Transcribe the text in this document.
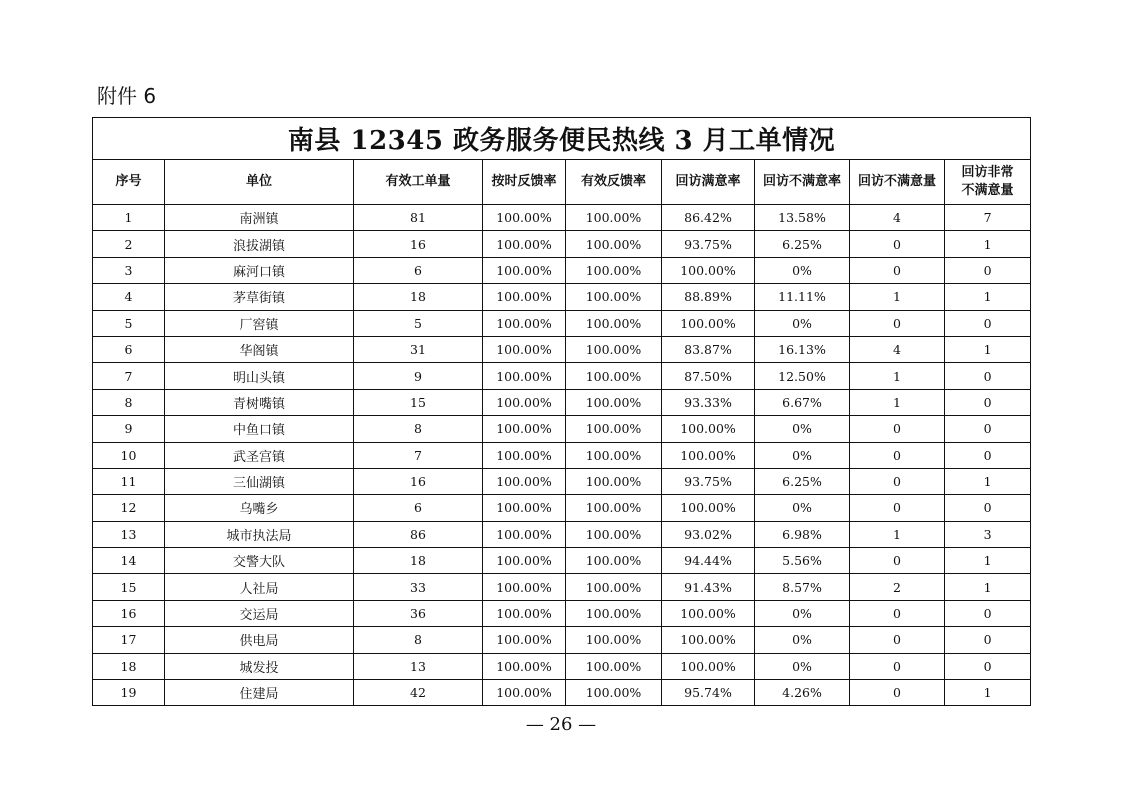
附件 6
南县 12345 政务服务便民热线 3 月工单情况								
序号	单位	有效工单量	按时反馈率	有效反馈率	回访满意率	回访不满意率	回访不满意量	回访非常
不满意量
1	南洲镇	81	100.00%	100.00%	86.42%	13.58%	4	7
2	浪拔湖镇	16	100.00%	100.00%	93.75%	6.25%	0	1
3	麻河口镇	6	100.00%	100.00%	100.00%	0%	0	0
4	茅草街镇	18	100.00%	100.00%	88.89%	11.11%	1	1
5	厂窖镇	5	100.00%	100.00%	100.00%	0%	0	0
6	华阁镇	31	100.00%	100.00%	83.87%	16.13%	4	1
7	明山头镇	9	100.00%	100.00%	87.50%	12.50%	1	0
8	青树嘴镇	15	100.00%	100.00%	93.33%	6.67%	1	0
9	中鱼口镇	8	100.00%	100.00%	100.00%	0%	0	0
10	武圣宫镇	7	100.00%	100.00%	100.00%	0%	0	0
11	三仙湖镇	16	100.00%	100.00%	93.75%	6.25%	0	1
12	乌嘴乡	6	100.00%	100.00%	100.00%	0%	0	0
13	城市执法局	86	100.00%	100.00%	93.02%	6.98%	1	3
14	交警大队	18	100.00%	100.00%	94.44%	5.56%	0	1
15	人社局	33	100.00%	100.00%	91.43%	8.57%	2	1
16	交运局	36	100.00%	100.00%	100.00%	0%	0	0
17	供电局	8	100.00%	100.00%	100.00%	0%	0	0
18	城发投	13	100.00%	100.00%	100.00%	0%	0	0
19	住建局	42	100.00%	100.00%	95.74%	4.26%	0	1
— 26 —
